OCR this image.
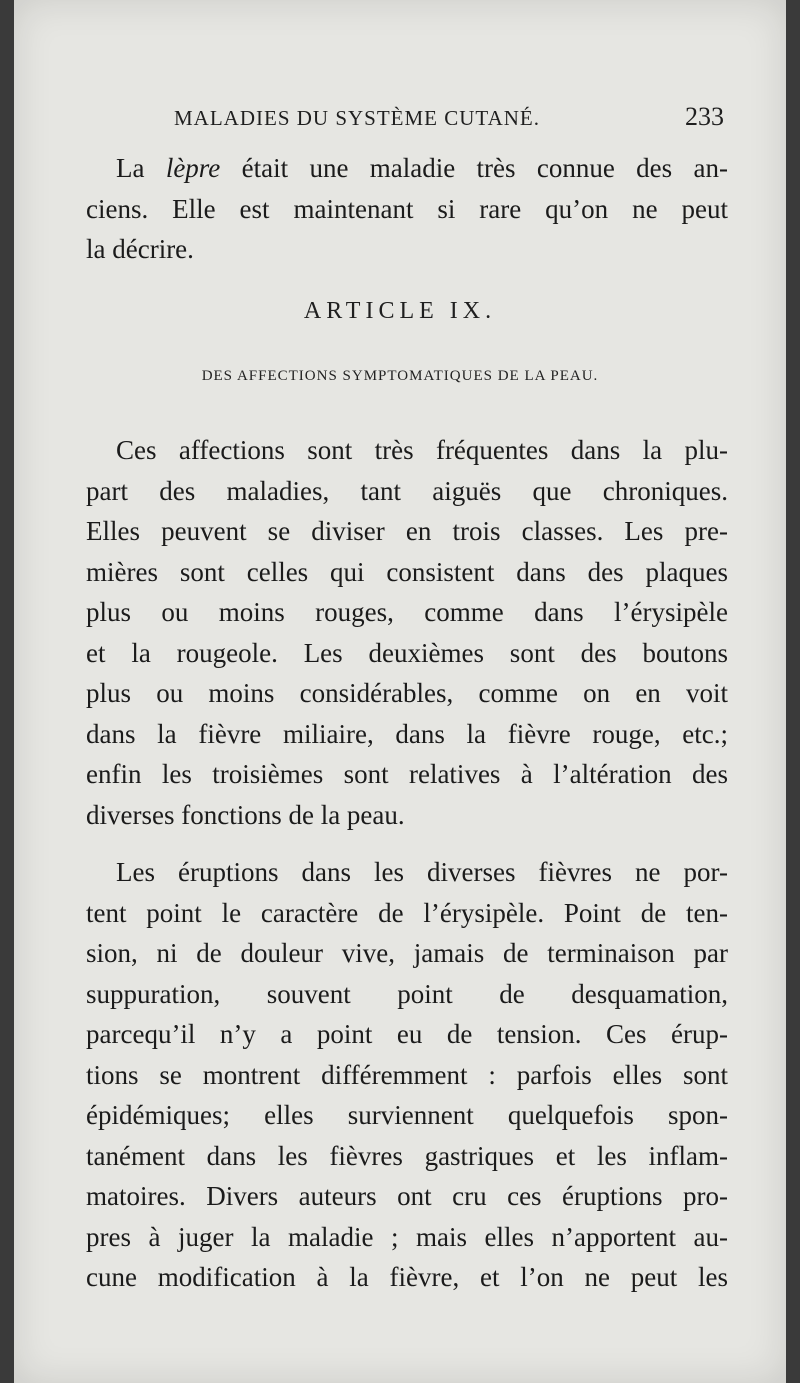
MALADIES DU SYSTÈME CUTANÉ.	233
La lèpre était une maladie très connue des an-
ciens. Elle est maintenant si rare qu’on ne peut
la décrire.
ARTICLE IX.
DES AFFECTIONS SYMPTOMATIQUES DE LA PEAU.
Ces affections sont très fréquentes dans la plu-
part des maladies, tant aiguës que chroniques.
Elles peuvent se diviser en trois classes. Les pre-
mières sont celles qui consistent dans des plaques
plus ou moins rouges, comme dans l’érysipèle
et la rougeole. Les deuxièmes sont des boutons
plus ou moins considérables, comme on en voit
dans la fièvre miliaire, dans la fièvre rouge, etc.;
enfin les troisièmes sont relatives à l’altération des
diverses fonctions de la peau.
Les éruptions dans les diverses fièvres ne por-
tent point le caractère de l’érysipèle. Point de ten-
sion, ni de douleur vive, jamais de terminaison par
suppuration, souvent point de desquamation,
parcequ’il n’y a point eu de tension. Ces érup-
tions se montrent différemment : parfois elles sont
épidémiques; elles surviennent quelquefois spon-
tanément dans les fièvres gastriques et les inflam-
matoires. Divers auteurs ont cru ces éruptions pro-
pres à juger la maladie ; mais elles n’apportent au-
cune modification à la fièvre, et l’on ne peut les
